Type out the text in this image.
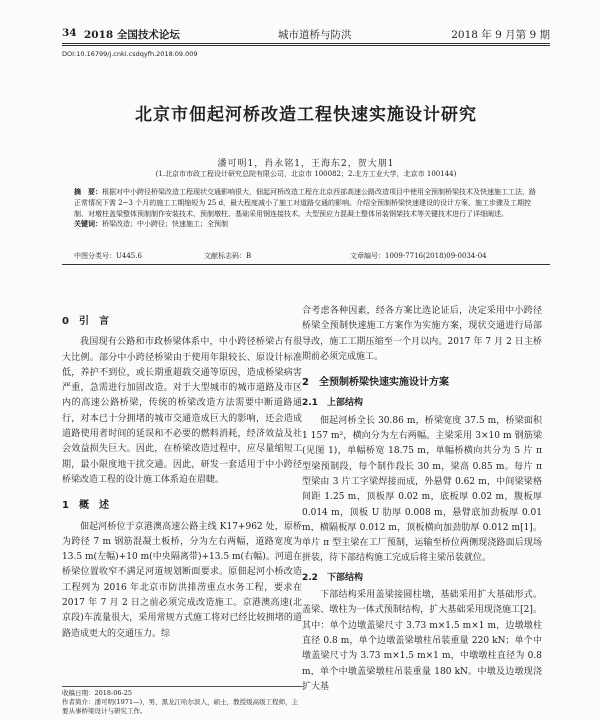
34 2018 全国技术论坛	城市道桥与防洪	2018 年 9 月第 9 期
DOI:10.16799/j.cnki.csdqyfh.2018.09.009
北京市佃起河桥改造工程快速实施设计研究
潘可明1，肖永铭1，王海东2，贺大朋1
(1.北京市市政工程设计研究总院有限公司，北京市 100082；2.北方工业大学，北京市 100144)
摘　要：根据对中小跨径桥梁改造工程现状交通影响很大，佃起河桥改造工程在北京西部高速公路改造项目中使用全预制桥梁技术及快速施工工法，路正常情况下需 2~3 个月的施工工期缩短为 25 d，最大程度减小了施工对道路交通的影响。介绍全预制桥梁快速建设的设计方案、施工步骤及工期控制、对墩柱盖梁整体预制制作安装技术、预制墩柱、基础采用钢连接技术、大型预应力混凝土整体吊装钢架技术等关键技术进行了详细阐述。
关键词：桥梁改造；中小跨径；快速施工；全预制
中图分类号：U445.6	文献标志码：B	文章编号：1009-7716(2018)09-0034-04
0　引　言

我国现有公路和市政桥梁体系中，中小跨径桥梁占有很大比例。部分中小跨径桥梁由于使用年限较长、原设计标准低，养护不到位，或长期重超载交通等原因，造成桥梁病害严重，急需进行加固改造。对于大型城市的城市道路及市区内的高速公路桥梁，传统的桥梁改造方法需要中断道路通行，对本已十分拥堵的城市交通造成巨大的影响，还会造成道路使用者时间的延误和不必要的燃料消耗，经济效益及社会效益损失巨大。因此，在桥梁改造过程中，应尽量缩短工期，最小限度地干扰交通。因此，研发一套适用于中小跨径桥梁改造工程的设计施工体系迫在眉睫。

1　概　述

佃起河桥位于京港澳高速公路主线 K17+962 处，原桥为跨径 7 m 钢筋混凝土板桥，分为左右两幅，道路宽度为 13.5 m(左幅)+10 m(中央隔离带)+13.5 m(右幅)。河道在桥梁位置收窄不满足河道规划断面要求。原佃起河小桥改造工程列为 2016 年北京市防洪排涝重点水务工程，要求在 2017 年 7 月 2 日之前必须完成改造施工。京港澳高速(北京段)车流量很大，采用常规方式施工将对已经比较拥堵的道路造成更大的交通压力。综

合考虑各种因素，经各方案比选论证后，决定采用中小跨径桥梁全预制快速施工方案作为实施方案，现状交通进行局部导改，施工工期压缩至一个月以内。2017 年 7 月 2 日主桥期前必须完成施工。

2　全预制桥梁快速实施设计方案
2.1　上部结构

佃起河桥全长 30.86 m，桥梁宽度 37.5 m，桥梁面积 1 157 m²，横向分为左右两幅。主梁采用 3×10 m 钢筋梁(见图 1)，单幅桥宽 18.75 m，单幅桥横向共分为 5 片 π 型梁预制段，每个制作段长 30 m，梁高 0.85 m。每片 π 型梁由 3 片工字梁焊接而成，外悬臂 0.62 m，中间梁梁格间距 1.25 m，顶板厚 0.02 m，底板厚 0.02 m，腹板厚 0.014 m，顶板 U 肋厚 0.008 m，悬臂底加劲板厚 0.01 m，横隔板厚 0.012 m，顶板横向加劲肋厚 0.012 m[1]。单片 π 型主梁在工厂预制，运输至桥位两侧现浇路面后现场拼装，待下部结构施工完成后将主梁吊装就位。

2.2　下部结构

下部结构采用盖梁接圆柱墩，基础采用扩大基础形式。盖梁、墩柱为一体式预制结构，扩大基础采用现浇施工[2]。其中：单个边墩盖梁尺寸 3.73 m×1.5 m×1 m，边墩墩柱直径 0.8 m，单个边墩盖梁墩柱吊装重量 220 kN；单个中墩盖梁尺寸为 3.73 m×1.5 m×1 m，中墩墩柱直径为 0.8 m，单个中墩盖梁墩柱吊装重量 180 kN。中墩及边墩现浇扩大基

收稿日期：2018-06-25
作者简介：潘可明(1971—)，男，黑龙江哈尔滨人，硕士，教授级高级工程师，主要从事桥梁设计与研究工作。
